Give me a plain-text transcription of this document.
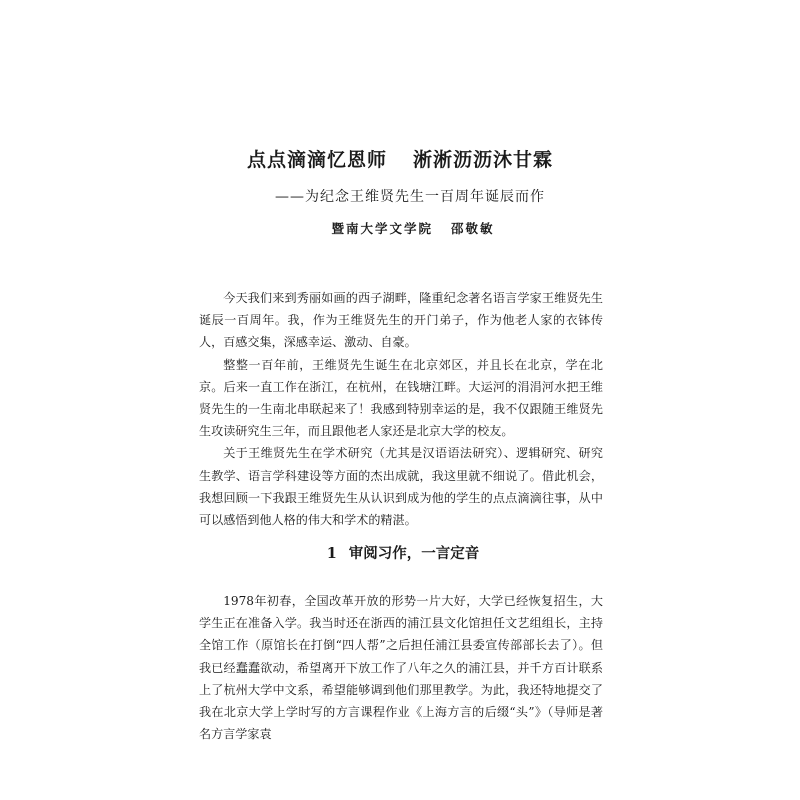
点点滴滴忆恩师 淅淅沥沥沐甘霖

——为纪念王维贤先生一百周年诞辰而作

暨南大学文学院 邵敬敏

今天我们来到秀丽如画的西子湖畔，隆重纪念著名语言学家王维贤先生诞辰一百周年。我，作为王维贤先生的开门弟子，作为他老人家的衣钵传人，百感交集，深感幸运、激动、自豪。

整整一百年前，王维贤先生诞生在北京郊区，并且长在北京，学在北京。后来一直工作在浙江，在杭州，在钱塘江畔。大运河的涓涓河水把王维贤先生的一生南北串联起来了！我感到特别幸运的是，我不仅跟随王维贤先生攻读研究生三年，而且跟他老人家还是北京大学的校友。

关于王维贤先生在学术研究（尤其是汉语语法研究）、逻辑研究、研究生教学、语言学科建设等方面的杰出成就，我这里就不细说了。借此机会，我想回顾一下我跟王维贤先生从认识到成为他的学生的点点滴滴往事，从中可以感悟到他人格的伟大和学术的精湛。

1 审阅习作，一言定音

1978年初春，全国改革开放的形势一片大好，大学已经恢复招生，大学生正在准备入学。我当时还在浙西的浦江县文化馆担任文艺组组长，主持全馆工作（原馆长在打倒“四人帮”之后担任浦江县委宣传部部长去了）。但我已经蠢蠢欲动，希望离开下放工作了八年之久的浦江县，并千方百计联系上了杭州大学中文系，希望能够调到他们那里教学。为此，我还特地提交了我在北京大学上学时写的方言课程作业《上海方言的后缀“头”》（导师是著名方言学家袁
